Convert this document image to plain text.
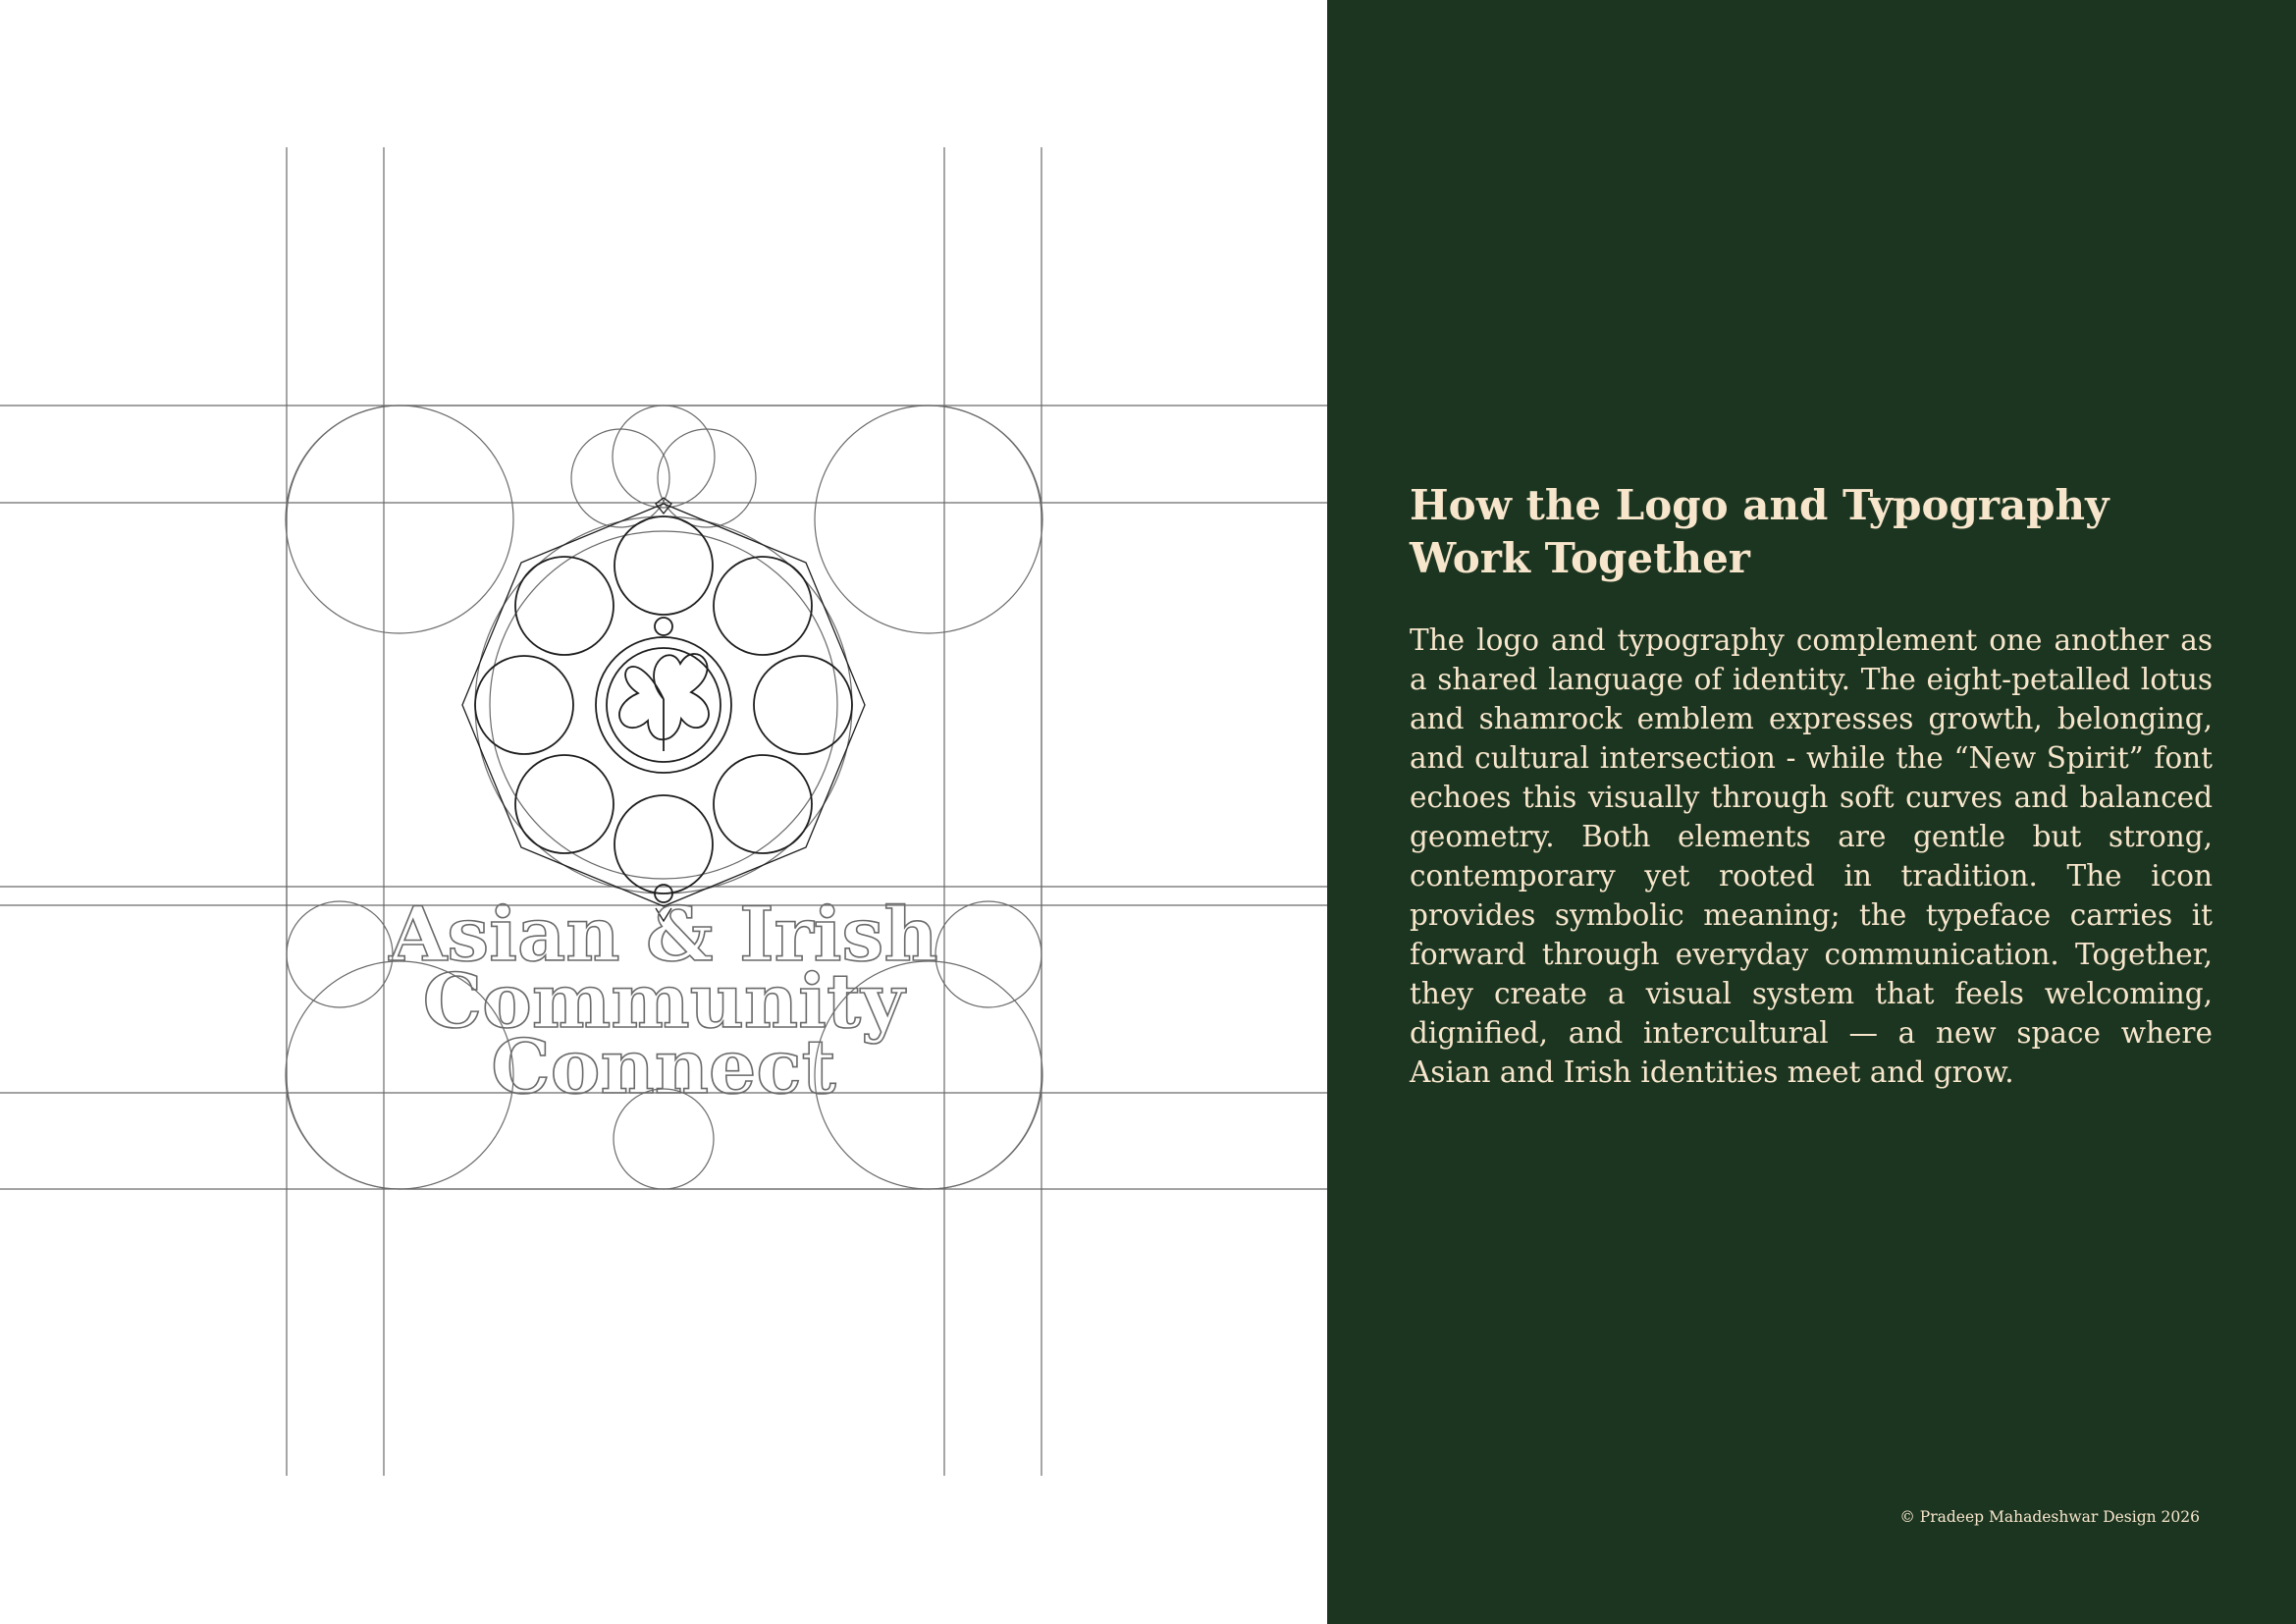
Asian & Irish
Community
Connect
How the Logo and Typography
Work Together

The logo and typography complement one another as a shared language of identity. The eight-petalled lotus and shamrock emblem expresses growth, belonging, and cultural intersection - while the “New Spirit” font echoes this visually through soft curves and balanced geometry. Both elements are gentle but strong, contemporary yet rooted in tradition. The icon provides symbolic meaning; the typeface carries it forward through everyday communication. Together, they create a visual system that feels welcoming, dignified, and intercultural — a new space where Asian and Irish identities meet and grow.

© Pradeep Mahadeshwar Design 2026
